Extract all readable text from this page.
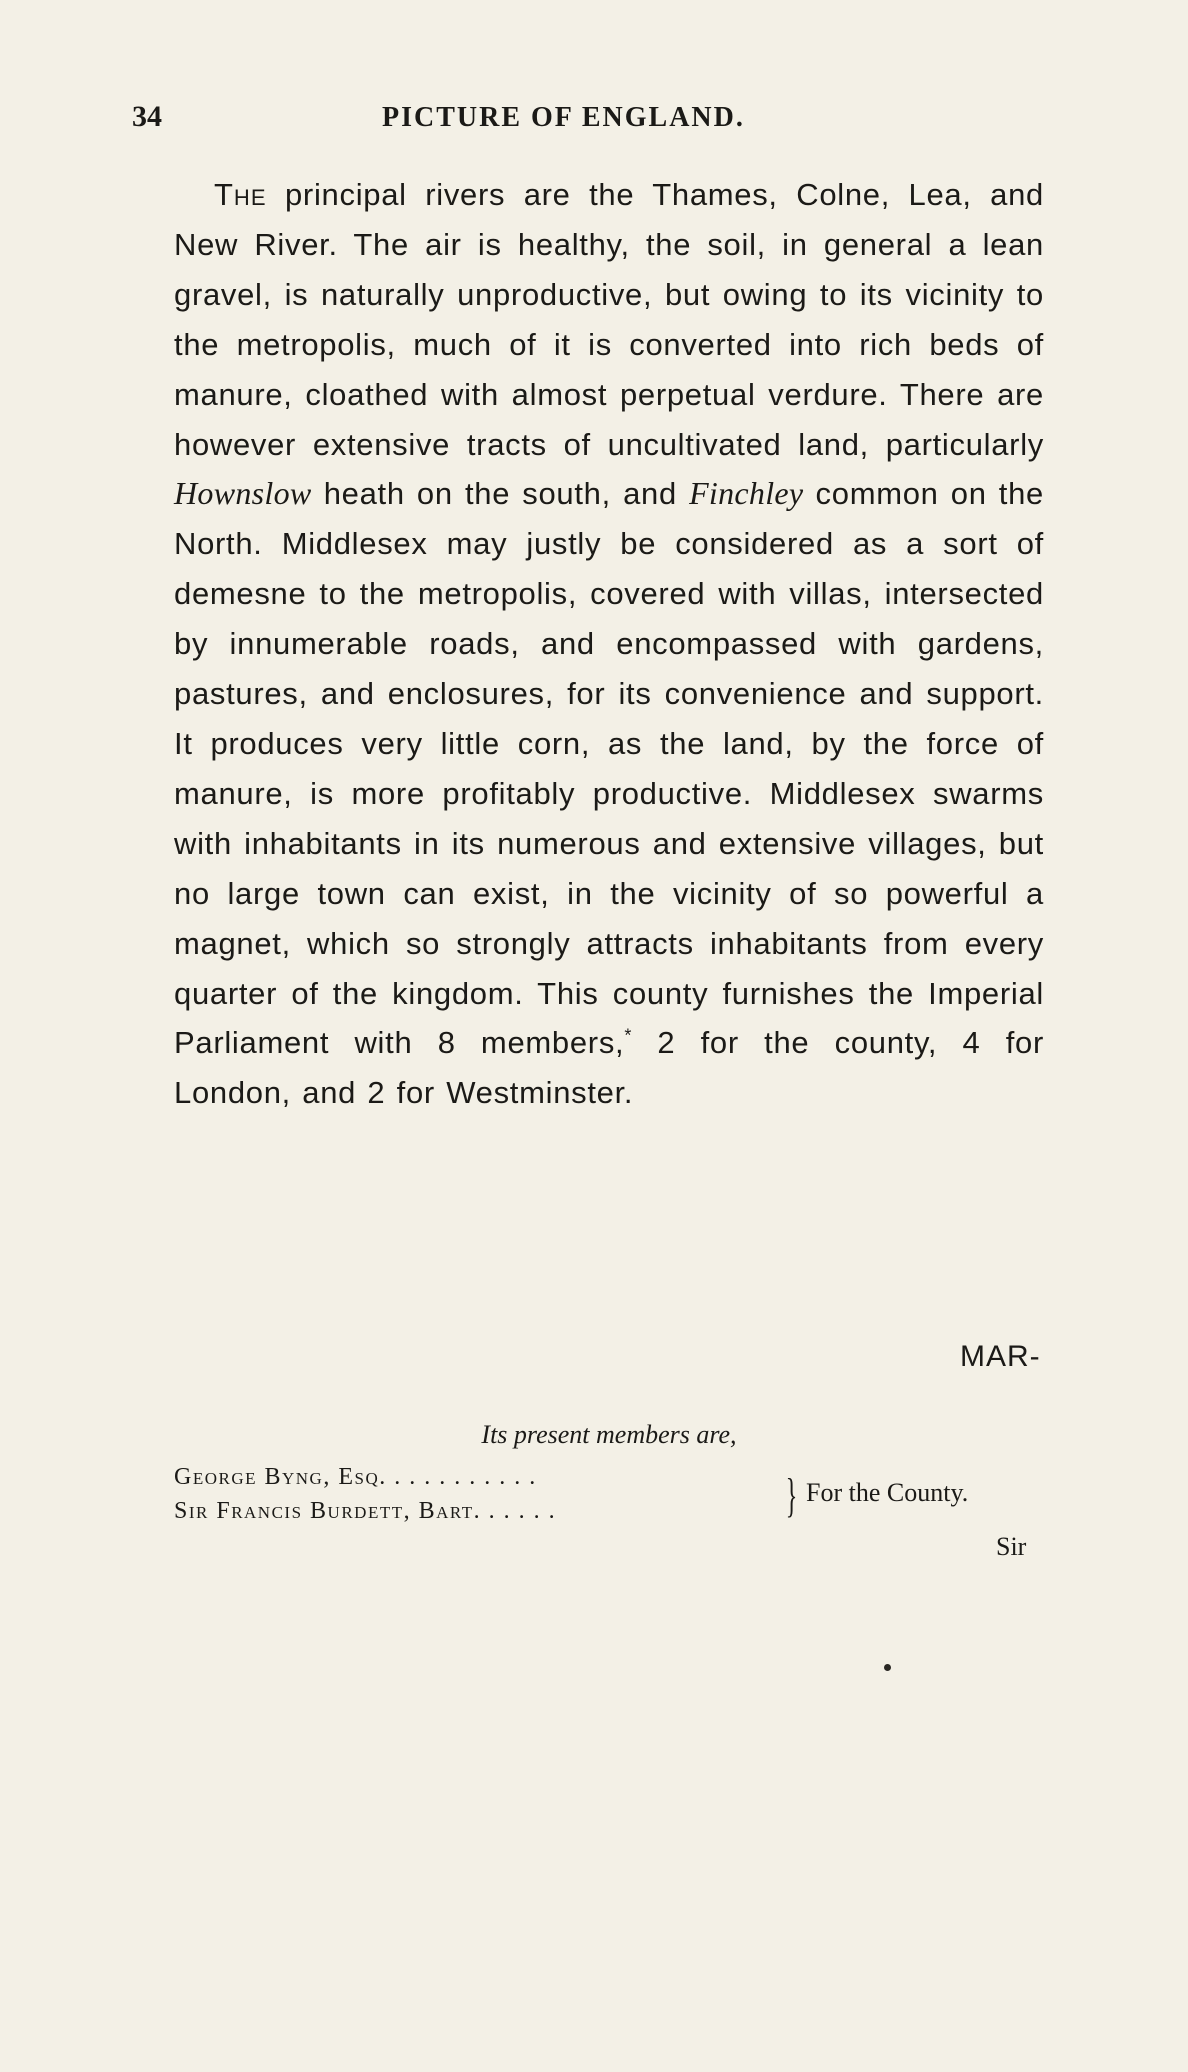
34	PICTURE OF ENGLAND.

The principal rivers are the Thames, Colne, Lea, and New River. The air is healthy, the soil, in general a lean gravel, is naturally unproductive, but owing to its vicinity to the metropolis, much of it is converted into rich beds of manure, cloathed with almost perpetual verdure. There are however extensive tracts of uncultivated land, particularly Hownslow heath on the south, and Finchley common on the North. Middlesex may justly be considered as a sort of demesne to the metropolis, covered with villas, intersected by innumerable roads, and encompassed with gardens, pastures, and enclosures, for its convenience and support. It produces very little corn, as the land, by the force of manure, is more profitably productive. Middlesex swarms with inhabitants in its numerous and extensive villages, but no large town can exist, in the vicinity of so powerful a magnet, which so strongly attracts inhabitants from every quarter of the kingdom. This county furnishes the Imperial Parliament with 8 members,* 2 for the county, 4 for London, and 2 for Westminster.

MAR-
Its present members are,
George Byng, Esq. . . . . . . . . . .
Sir Francis Burdett, Bart. . . . . .	} For the County.
Sir
